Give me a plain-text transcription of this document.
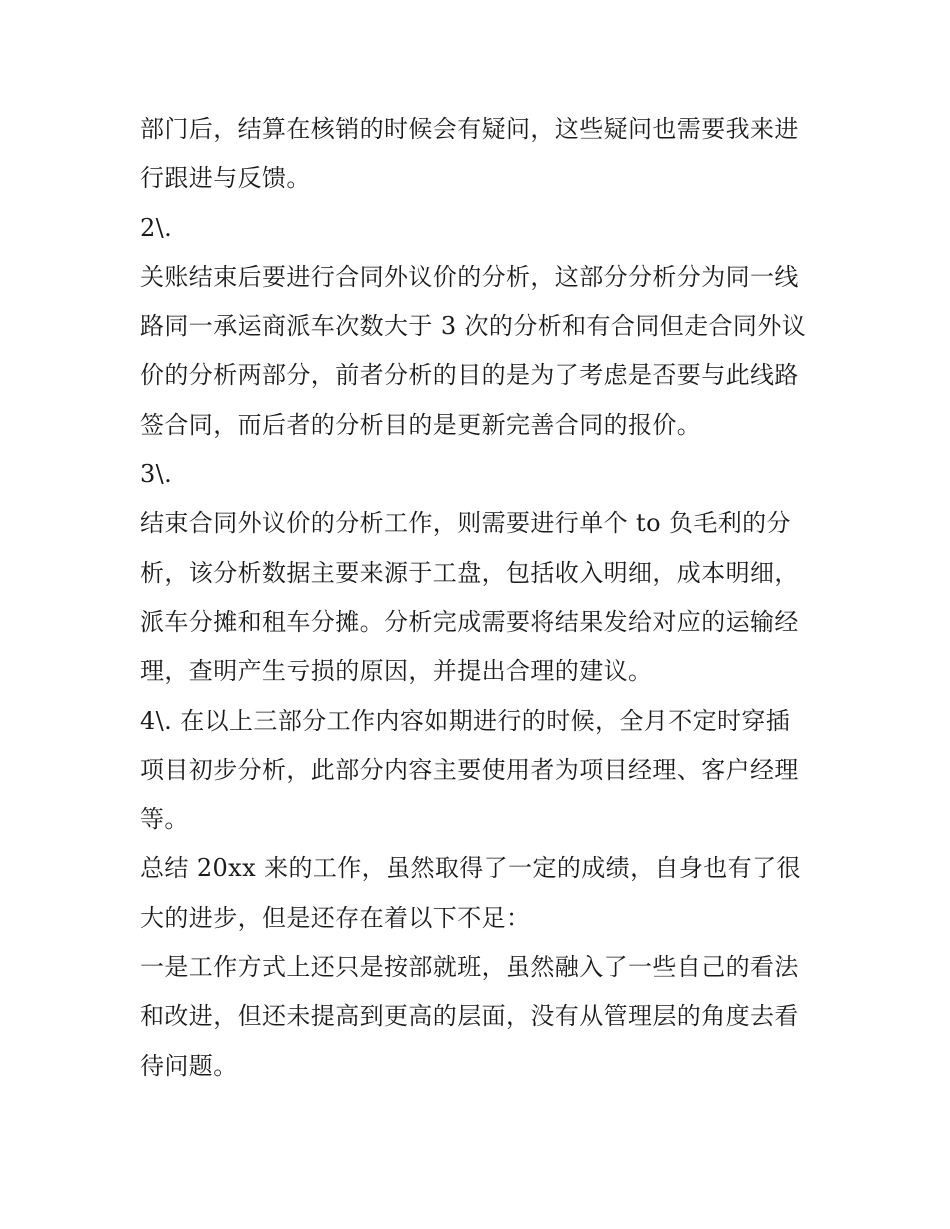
部门后，结算在核销的时候会有疑问，这些疑问也需要我来进
行跟进与反馈。
2\.
关账结束后要进行合同外议价的分析，这部分分析分为同一线
路同一承运商派车次数大于 3 次的分析和有合同但走合同外议
价的分析两部分，前者分析的目的是为了考虑是否要与此线路
签合同，而后者的分析目的是更新完善合同的报价。
3\.
结束合同外议价的分析工作，则需要进行单个 to 负毛利的分
析，该分析数据主要来源于工盘，包括收入明细，成本明细，
派车分摊和租车分摊。分析完成需要将结果发给对应的运输经
理，查明产生亏损的原因，并提出合理的建议。
4\. 在以上三部分工作内容如期进行的时候，全月不定时穿插
项目初步分析，此部分内容主要使用者为项目经理、客户经理
等。
总结 20xx 来的工作，虽然取得了一定的成绩，自身也有了很
大的进步，但是还存在着以下不足：
一是工作方式上还只是按部就班，虽然融入了一些自己的看法
和改进，但还未提高到更高的层面，没有从管理层的角度去看
待问题。
